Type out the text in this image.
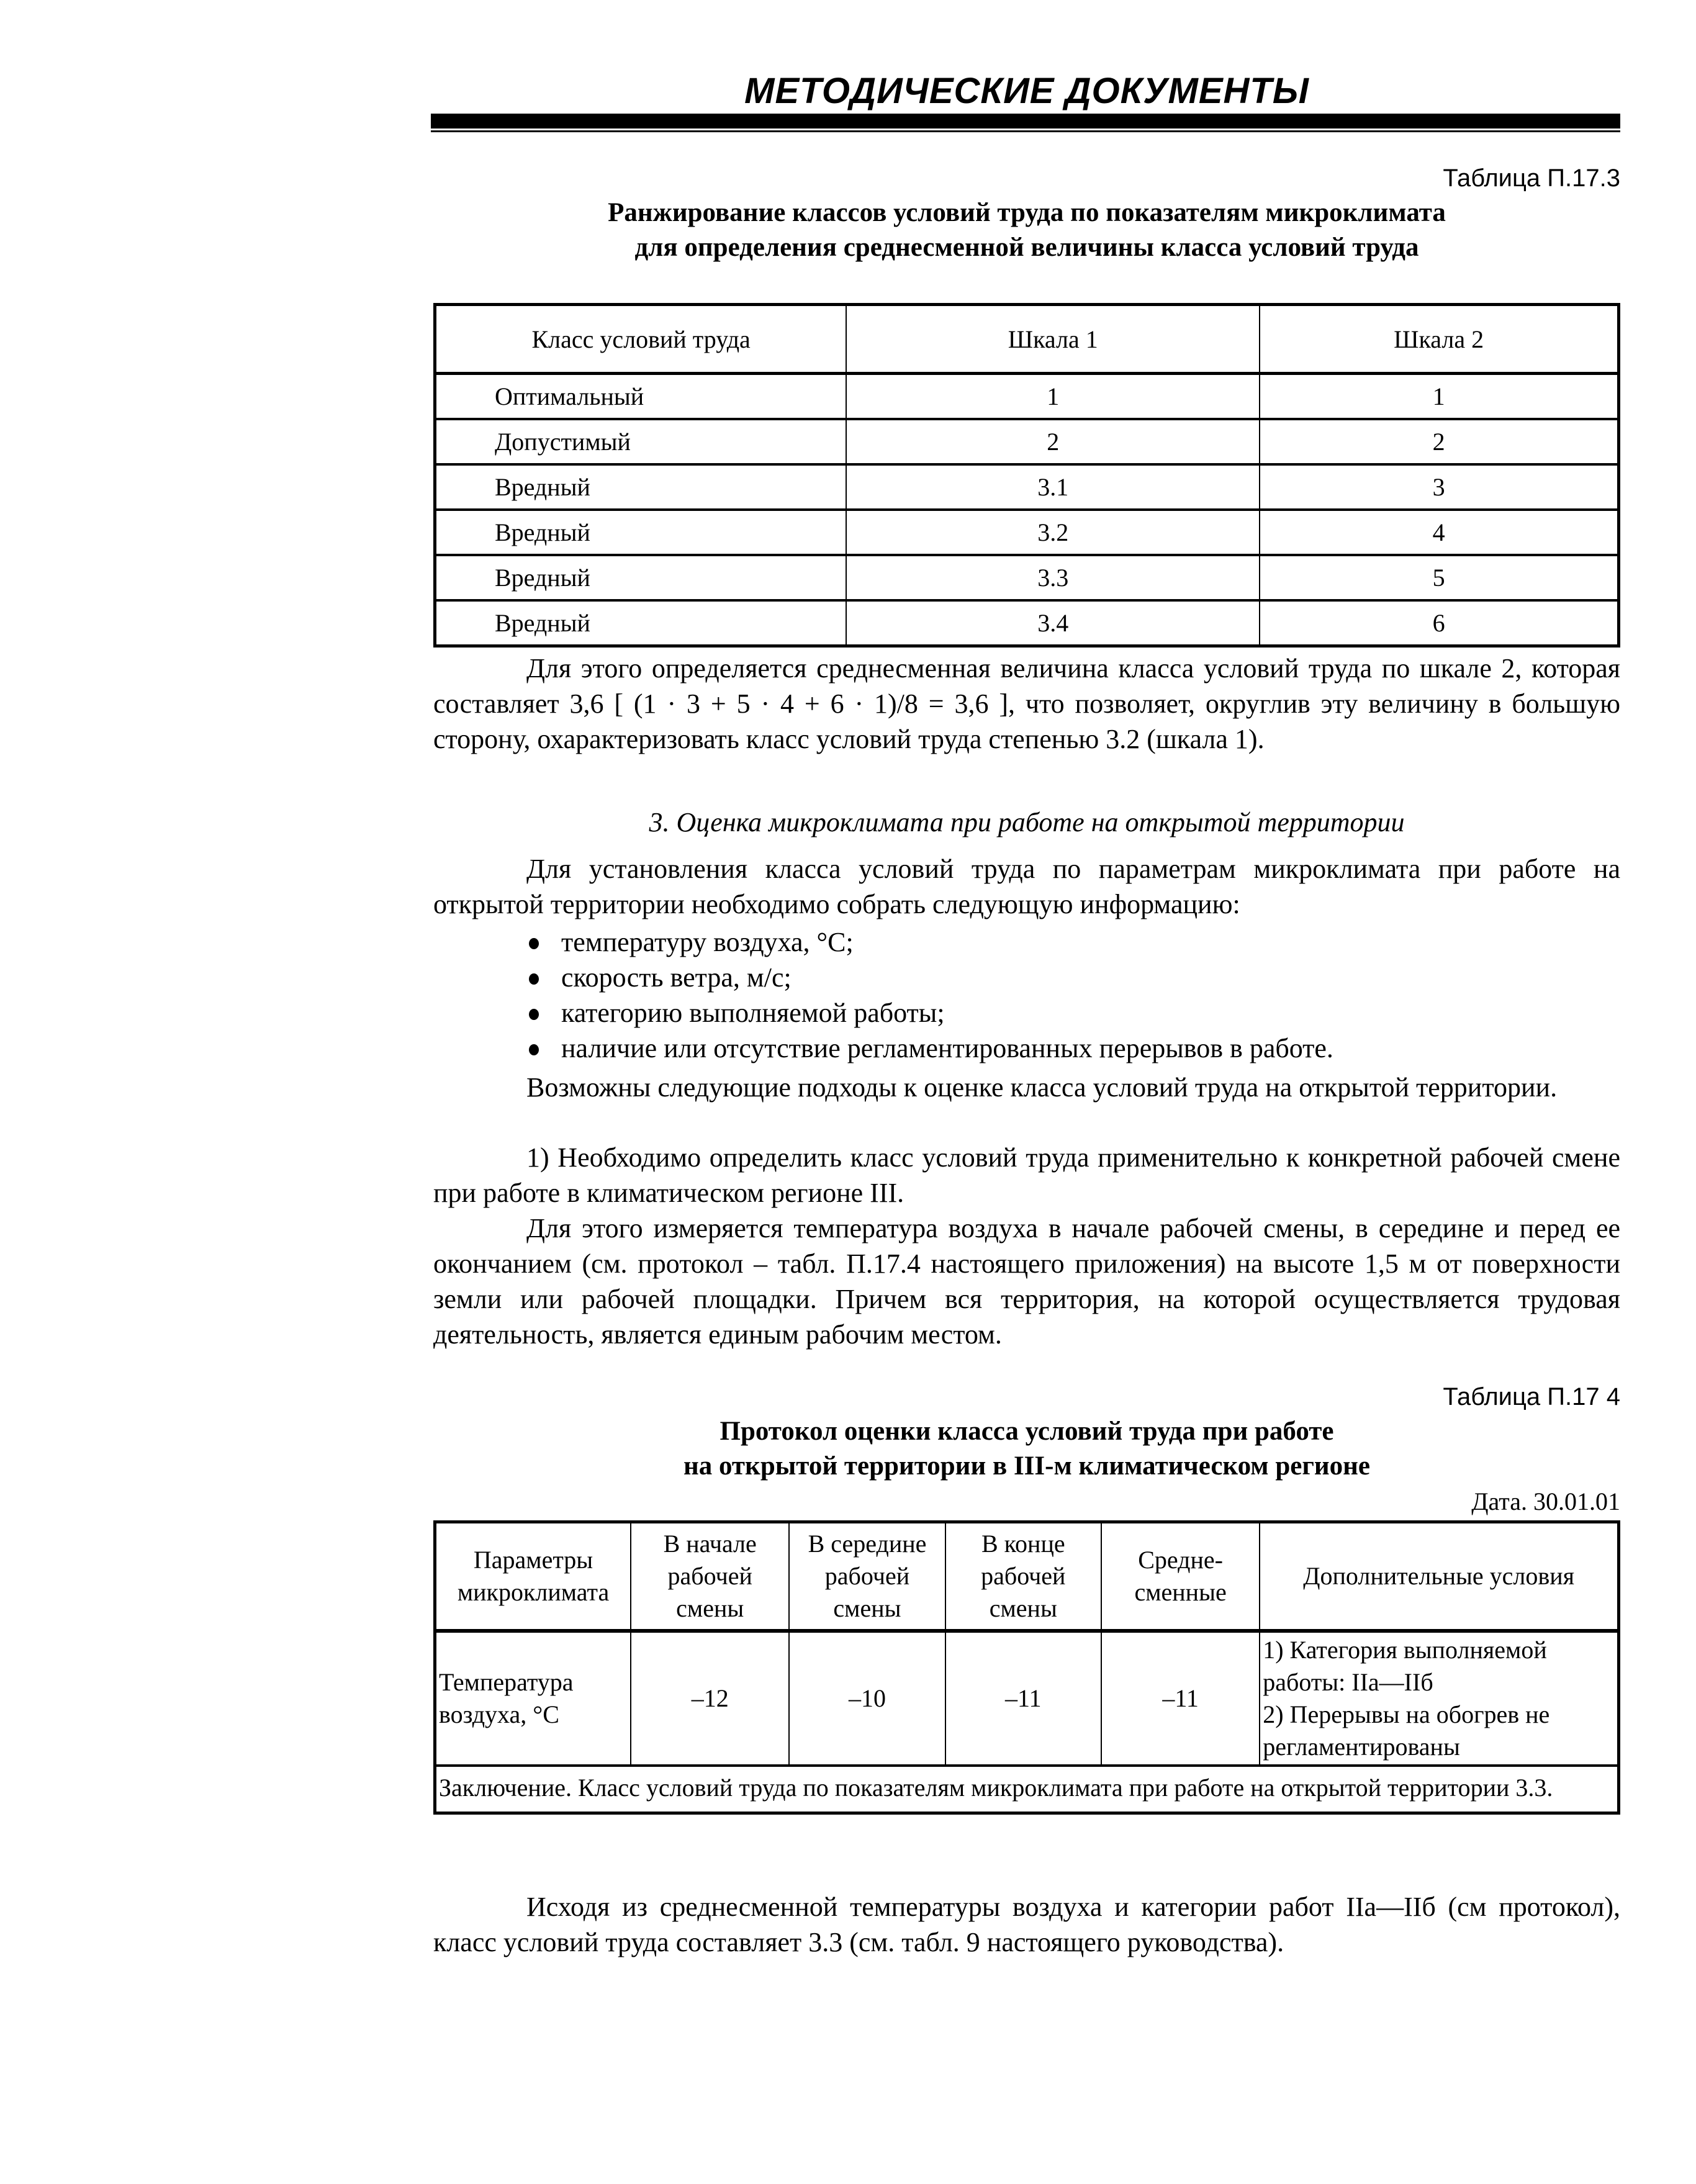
МЕТОДИЧЕСКИЕ ДОКУМЕНТЫ
Таблица П.17.3
Ранжирование классов условий труда по показателям микроклимата
для определения среднесменной величины класса условий труда
Класс условий труда	Шкала 1	Шкала 2
Оптимальный	1	1
Допустимый	2	2
Вредный	3.1	3
Вредный	3.2	4
Вредный	3.3	5
Вредный	3.4	6

Для этого определяется среднесменная величина класса условий труда по шкале 2, которая составляет 3,6 [ (1 · 3 + 5 · 4 + 6 · 1)/8 = 3,6 ], что позволяет, округлив эту величину в большую сторону, охарактеризовать класс условий труда степенью 3.2 (шкала 1).

3. Оценка микроклимата при работе на открытой территории

Для установления класса условий труда по параметрам микроклимата при работе на открытой территории необходимо собрать следующую информацию:

температуру воздуха, °С;
скорость ветра, м/с;
категорию выполняемой работы;
наличие или отсутствие регламентированных перерывов в работе.

Возможны следующие подходы к оценке класса условий труда на открытой территории.

1) Необходимо определить класс условий труда применительно к конкретной рабочей смене при работе в климатическом регионе III.

Для этого измеряется температура воздуха в начале рабочей смены, в середине и перед ее окончанием (см. протокол – табл. П.17.4 настоящего приложения) на высоте 1,5 м от поверхности земли или рабочей площадки. Причем вся территория, на которой осуществляется трудовая деятельность, является единым рабочим местом.

Таблица П.17 4
Протокол оценки класса условий труда при работе
на открытой территории в III-м климатическом регионе
Дата. 30.01.01
Параметры микроклимата	В начале рабочей смены	В середине рабочей смены	В конце рабочей смены	Средне-сменные	Дополнительные условия
Температура воздуха, °С	–12	–10	–11	–11	1) Категория выполняемой работы: IIа—IIб
2) Перерывы на обогрев не регламентированы

Заключение. Класс условий труда по показателям микроклимата при работе на открытой территории 3.3.					

Исходя из среднесменной температуры воздуха и категории работ IIа—IIб (см протокол), класс условий труда составляет 3.3 (см. табл. 9 настоящего руководства).
